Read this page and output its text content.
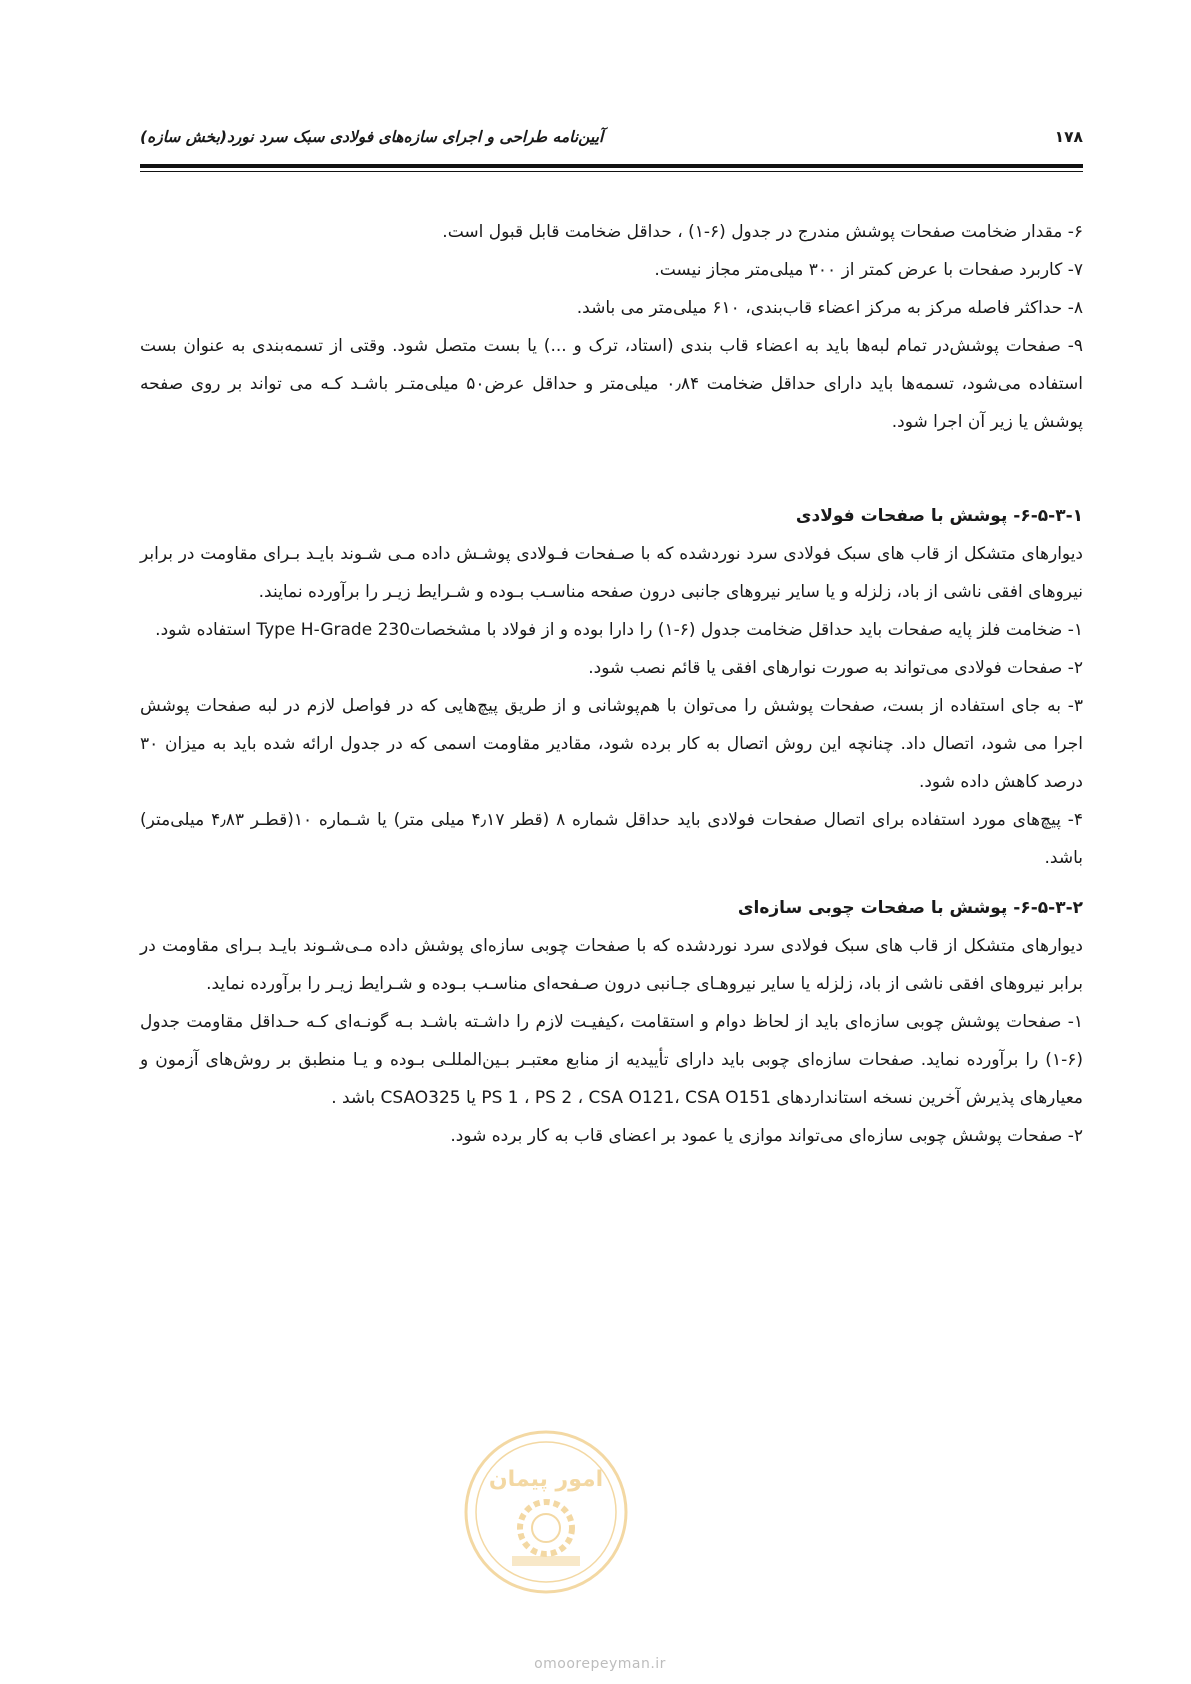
۱۷۸
آیین‌نامه طراحی و اجرای سازه‌های فولادی سبک سرد نورد(بخش سازه)

۶- مقدار ضخامت صفحات پوشش مندرج در جدول (۶-۱) ، حداقل ضخامت قابل قبول است.

۷- کاربرد صفحات با عرض کمتر از ۳۰۰ میلی‌متر مجاز نیست.

۸- حداکثر فاصله مرکز به مرکز اعضاء قاب‌بندی، ۶۱۰ میلی‌متر می باشد.

۹- صفحات پوشش‌در تمام لبه‌ها باید به اعضاء قاب بندی (استاد، ترک و ...) یا بست متصل شود. وقتی از تسمه‌بندی به عنوان بست استفاده می‌شود، تسمه‌ها باید دارای حداقل ضخامت ۰٫۸۴ میلی‌متر و حداقل عرض۵۰ میلی‌متـر باشـد کـه می تواند بر روی صفحه پوشش یا زیر آن اجرا شود.

۶-۵-۳-۱- پوشش با صفحات فولادی

دیوارهای متشکل از قاب های سبک فولادی سرد نوردشده که با صـفحات فـولادی پوشـش داده مـی شـوند بایـد بـرای مقاومت در برابر نیروهای افقی ناشی از باد، زلزله و یا سایر نیروهای جانبی درون صفحه مناسـب بـوده و شـرایط زیـر را برآورده نمایند.

۱- ضخامت فلز پایه صفحات باید حداقل ضخامت جدول (۶-۱) را دارا بوده و از فولاد با مشخصات‌Type H-Grade 230 استفاده شود.

۲- صفحات فولادی می‌تواند به صورت نوارهای افقی یا قائم نصب شود.

۳- به جای استفاده از بست، صفحات پوشش را می‌توان با هم‌پوشانی و از طریق پیچ‌هایی که در فواصل لازم در لبه صفحات پوشش اجرا می شود، اتصال داد. چنانچه این روش اتصال به کار برده شود، مقادیر مقاومت اسمی که در جدول ارائه شده باید به میزان ۳۰ درصد کاهش داده شود.

۴- پیچ‌های مورد استفاده برای اتصال صفحات فولادی باید حداقل شماره ۸ (قطر ۴٫۱۷ میلی متر) یا شـماره ۱۰(قطـر ۴٫۸۳ میلی‌متر) باشد.

۶-۵-۳-۲- پوشش با صفحات چوبی سازه‌ای

دیوارهای متشکل از قاب های سبک فولادی سرد نوردشده که با صفحات چوبی سازه‌ای پوشش داده مـی‌شـوند بایـد بـرای مقاومت در برابر نیروهای افقی ناشی از باد، زلزله یا سایر نیروهـای جـانبی درون صـفحه‌ای مناسـب بـوده و شـرایط زیـر را برآورده نماید.

۱- صفحات پوشش چوبی سازه‌ای باید از لحاظ دوام و استقامت ،کیفیـت لازم را داشـته باشـد بـه گونـه‌ای کـه حـداقل مقاومت جدول (۶-۱) را برآورده نماید. صفحات سازه‌ای چوبی باید دارای تأییدیه از منابع معتبـر بـین‌المللـی بـوده و یـا منطبق بر روش‌های آزمون و معیارهای پذیرش آخرین نسخه استانداردهای PS 1 ، PS 2 ، CSA O121، CSA O151 یا CSAO325 باشد .

۲- صفحات پوشش چوبی سازه‌ای می‌تواند موازی یا عمود بر اعضای قاب به کار برده شود.

امور پیمان
omoorepeyman.ir
